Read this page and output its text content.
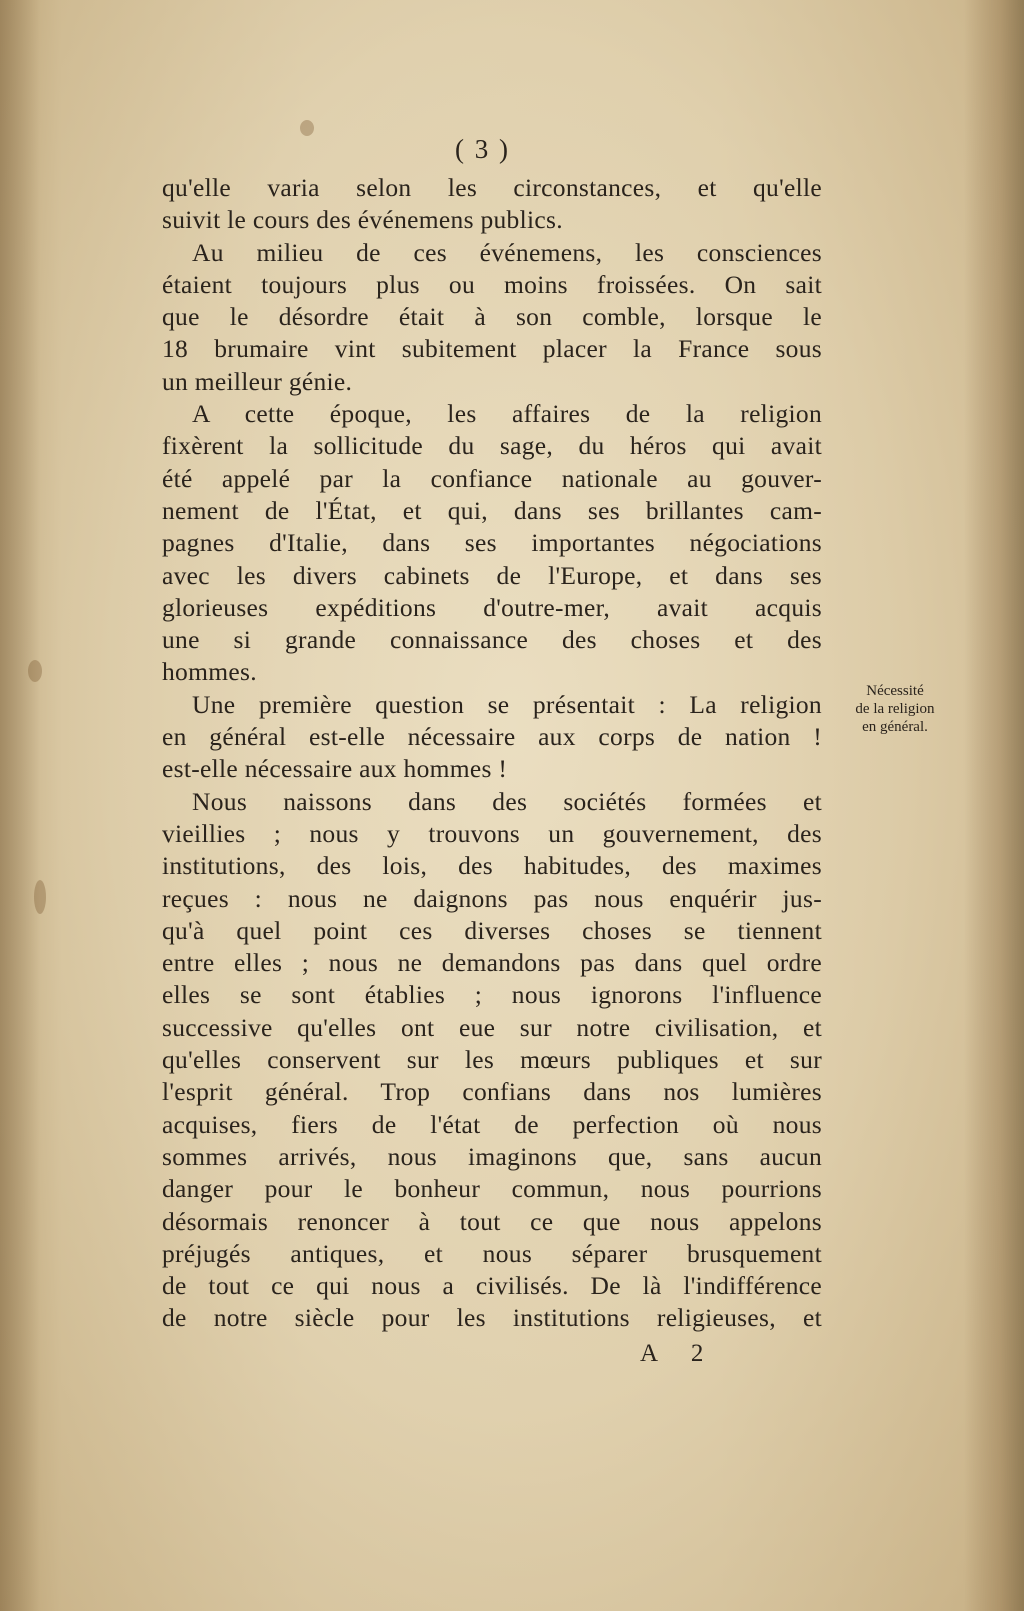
( 3 )
qu'elle varia selon les circonstances, et qu'elle
suivit le cours des événemens publics.
Au milieu de ces événemens, les consciences
étaient toujours plus ou moins froissées. On sait
que le désordre était à son comble, lorsque le
18 brumaire vint subitement placer la France sous
un meilleur génie.
A cette époque, les affaires de la religion
fixèrent la sollicitude du sage, du héros qui avait
été appelé par la confiance nationale au gouver-
nement de l'État, et qui, dans ses brillantes cam-
pagnes d'Italie, dans ses importantes négociations
avec les divers cabinets de l'Europe, et dans ses
glorieuses expéditions d'outre-mer, avait acquis
une si grande connaissance des choses et des
hommes.
Une première question se présentait : La religion
en général est-elle nécessaire aux corps de nation !
est-elle nécessaire aux hommes !
Nous naissons dans des sociétés formées et
vieillies ; nous y trouvons un gouvernement, des
institutions, des lois, des habitudes, des maximes
reçues : nous ne daignons pas nous enquérir jus-
qu'à quel point ces diverses choses se tiennent
entre elles ; nous ne demandons pas dans quel ordre
elles se sont établies ; nous ignorons l'influence
successive qu'elles ont eue sur notre civilisation, et
qu'elles conservent sur les mœurs publiques et sur
l'esprit général. Trop confians dans nos lumières
acquises, fiers de l'état de perfection où nous
sommes arrivés, nous imaginons que, sans aucun
danger pour le bonheur commun, nous pourrions
désormais renoncer à tout ce que nous appelons
préjugés antiques, et nous séparer brusquement
de tout ce qui nous a civilisés. De là l'indifférence
de notre siècle pour les institutions religieuses, et
Nécessité
de la religion
en général.
A 2
